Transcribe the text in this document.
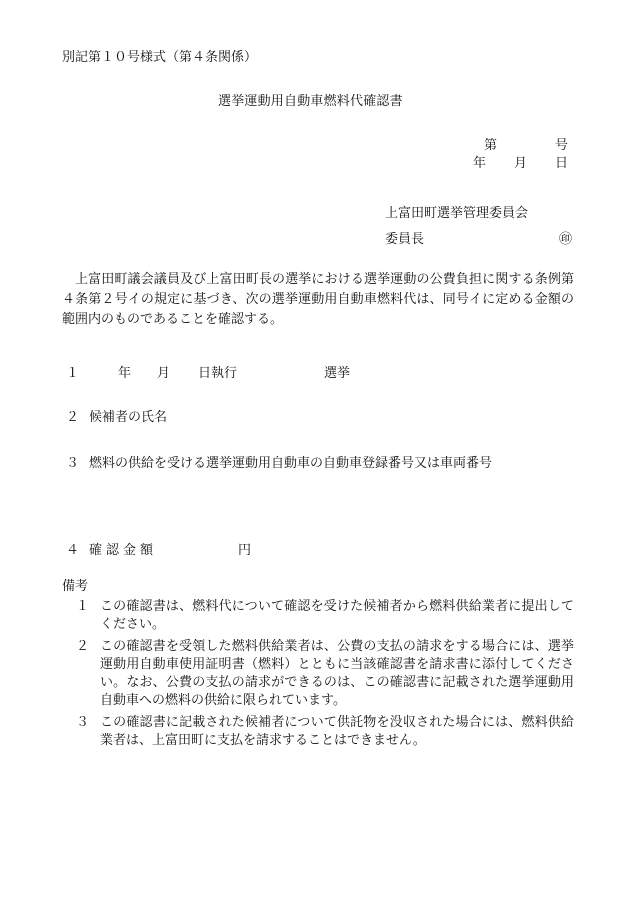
別記第１０号様式（第４条関係）
選挙運動用自動車燃料代確認書
第	号
年 月 日
上富田町選挙管理委員会
委員長	㊞
上富田町議会議員及び上富田町長の選挙における選挙運動の公費負担に関する条例第４条第２号イの規定に基づき、次の選挙運動用自動車燃料代は、同号イに定める金額の範囲内のものであることを確認する。
１	年 月 日執行	選挙
２ 候補者の氏名
３ 燃料の供給を受ける選挙運動用自動車の自動車登録番号又は車両番号
４ 確認金額	円
備考
１ この確認書は、燃料代について確認を受けた候補者から燃料供給業者に提出してください。
２ この確認書を受領した燃料供給業者は、公費の支払の請求をする場合には、選挙運動用自動車使用証明書（燃料）とともに当該確認書を請求書に添付してください。なお、公費の支払の請求ができるのは、この確認書に記載された選挙運動用自動車への燃料の供給に限られています。
３ この確認書に記載された候補者について供託物を没収された場合には、燃料供給業者は、上富田町に支払を請求することはできません。
